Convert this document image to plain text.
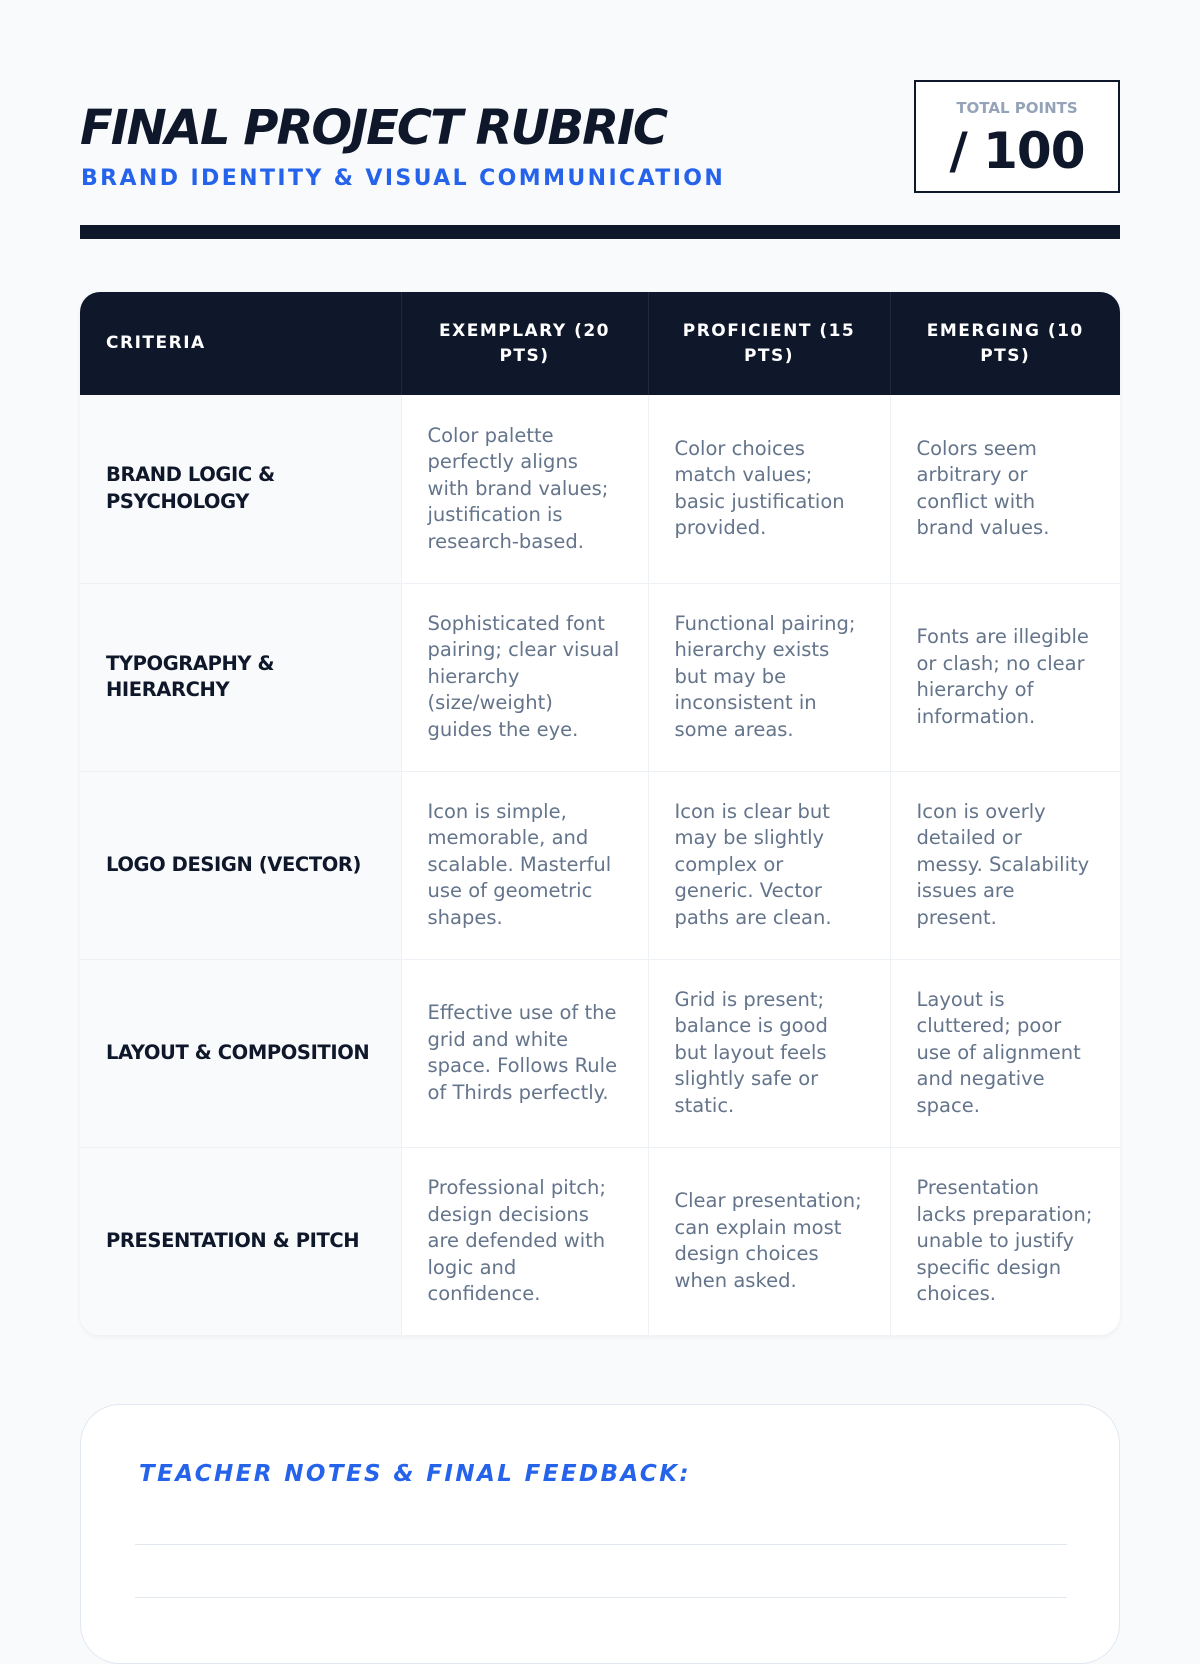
FINAL PROJECT RUBRIC
BRAND IDENTITY & VISUAL COMMUNICATION
TOTAL POINTS
/ 100
CRITERIA	EXEMPLARY (20 PTS)	PROFICIENT (15 PTS)	EMERGING (10 PTS)
BRAND LOGIC & PSYCHOLOGY	Color palette perfectly aligns with brand values; justification is research-based.	Color choices match values; basic justification provided.	Colors seem arbitrary or conflict with brand values.
TYPOGRAPHY & HIERARCHY	Sophisticated font pairing; clear visual hierarchy (size/weight) guides the eye.	Functional pairing; hierarchy exists but may be inconsistent in some areas.	Fonts are illegible or clash; no clear hierarchy of information.
LOGO DESIGN (VECTOR)	Icon is simple, memorable, and scalable. Masterful use of geometric shapes.	Icon is clear but may be slightly complex or generic. Vector paths are clean.	Icon is overly detailed or messy. Scalability issues are present.
LAYOUT & COMPOSITION	Effective use of the grid and white space. Follows Rule of Thirds perfectly.	Grid is present; balance is good but layout feels slightly safe or static.	Layout is cluttered; poor use of alignment and negative space.
PRESENTATION & PITCH	Professional pitch; design decisions are defended with logic and confidence.	Clear presentation; can explain most design choices when asked.	Presentation lacks preparation; unable to justify specific design choices.
TEACHER NOTES & FINAL FEEDBACK:
